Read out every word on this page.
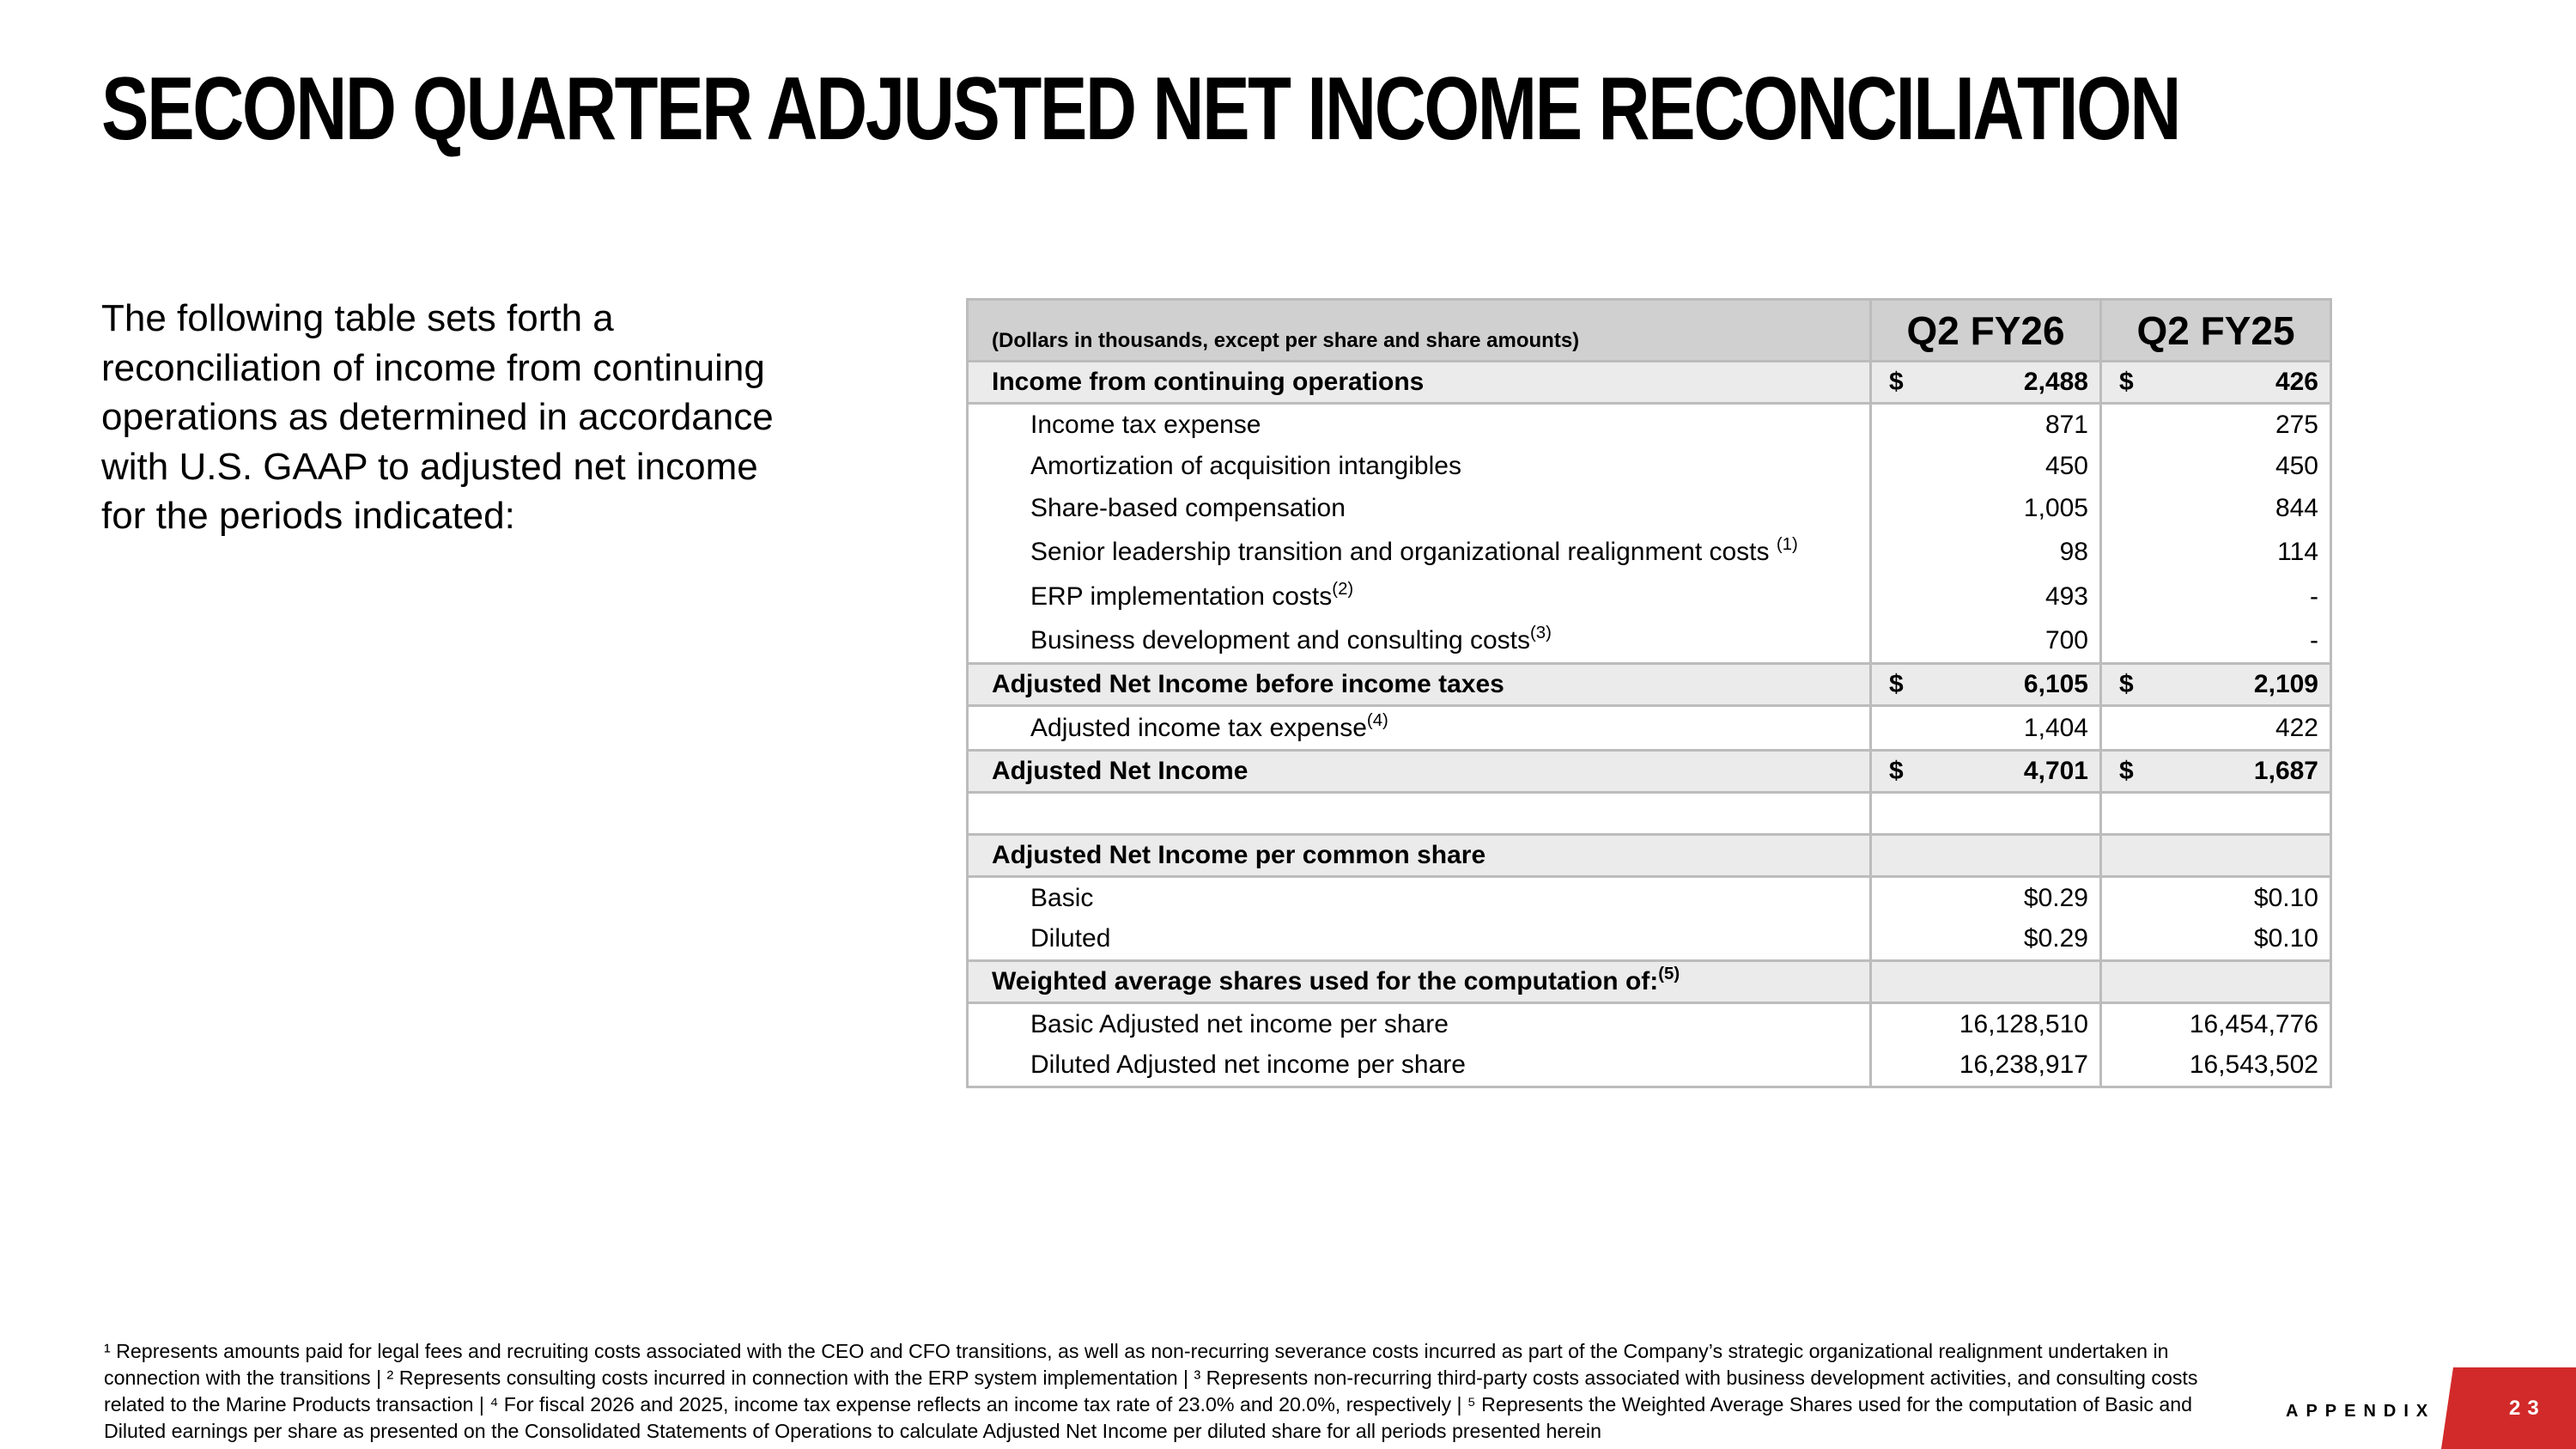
SECOND QUARTER ADJUSTED NET INCOME RECONCILIATION
The following table sets forth a reconciliation of income from continuing operations as determined in accordance with U.S. GAAP to adjusted net income for the periods indicated:
(Dollars in thousands, except per share and share amounts)	Q2 FY26	Q2 FY25
Income from continuing operations	$ 2,488	$ 426
Income tax expense	871	275
Amortization of acquisition intangibles	450	450
Share-based compensation	1,005	844
Senior leadership transition and organizational realignment costs $^{(1)}$	98	114
ERP implementation costs$^{(2)}$	493	-
Business development and consulting costs$^{(3)}$	700	-
Adjusted Net Income before income taxes	$ 6,105	$ 2,109
Adjusted income tax expense$^{(4)}$	1,404	422
Adjusted Net Income	$ 4,701	$ 1,687

Adjusted Net Income per common share		
Basic	$0.29	$0.10
Diluted	$0.29	$0.10
Weighted average shares used for the computation of:$^{(5)}$		
Basic Adjusted net income per share	16,128,510	16,454,776
Diluted Adjusted net income per share	16,238,917	16,543,502
¹ Represents amounts paid for legal fees and recruiting costs associated with the CEO and CFO transitions, as well as non-recurring severance costs incurred as part of the Company’s strategic organizational realignment undertaken in connection with the transitions | ² Represents consulting costs incurred in connection with the ERP system implementation | ³ Represents non-recurring third-party costs associated with business development activities, and consulting costs related to the Marine Products transaction | ⁴ For fiscal 2026 and 2025, income tax expense reflects an income tax rate of 23.0% and 20.0%, respectively | ⁵ Represents the Weighted Average Shares used for the computation of Basic and Diluted earnings per share as presented on the Consolidated Statements of Operations to calculate Adjusted Net Income per diluted share for all periods presented herein
APPENDIX	23
